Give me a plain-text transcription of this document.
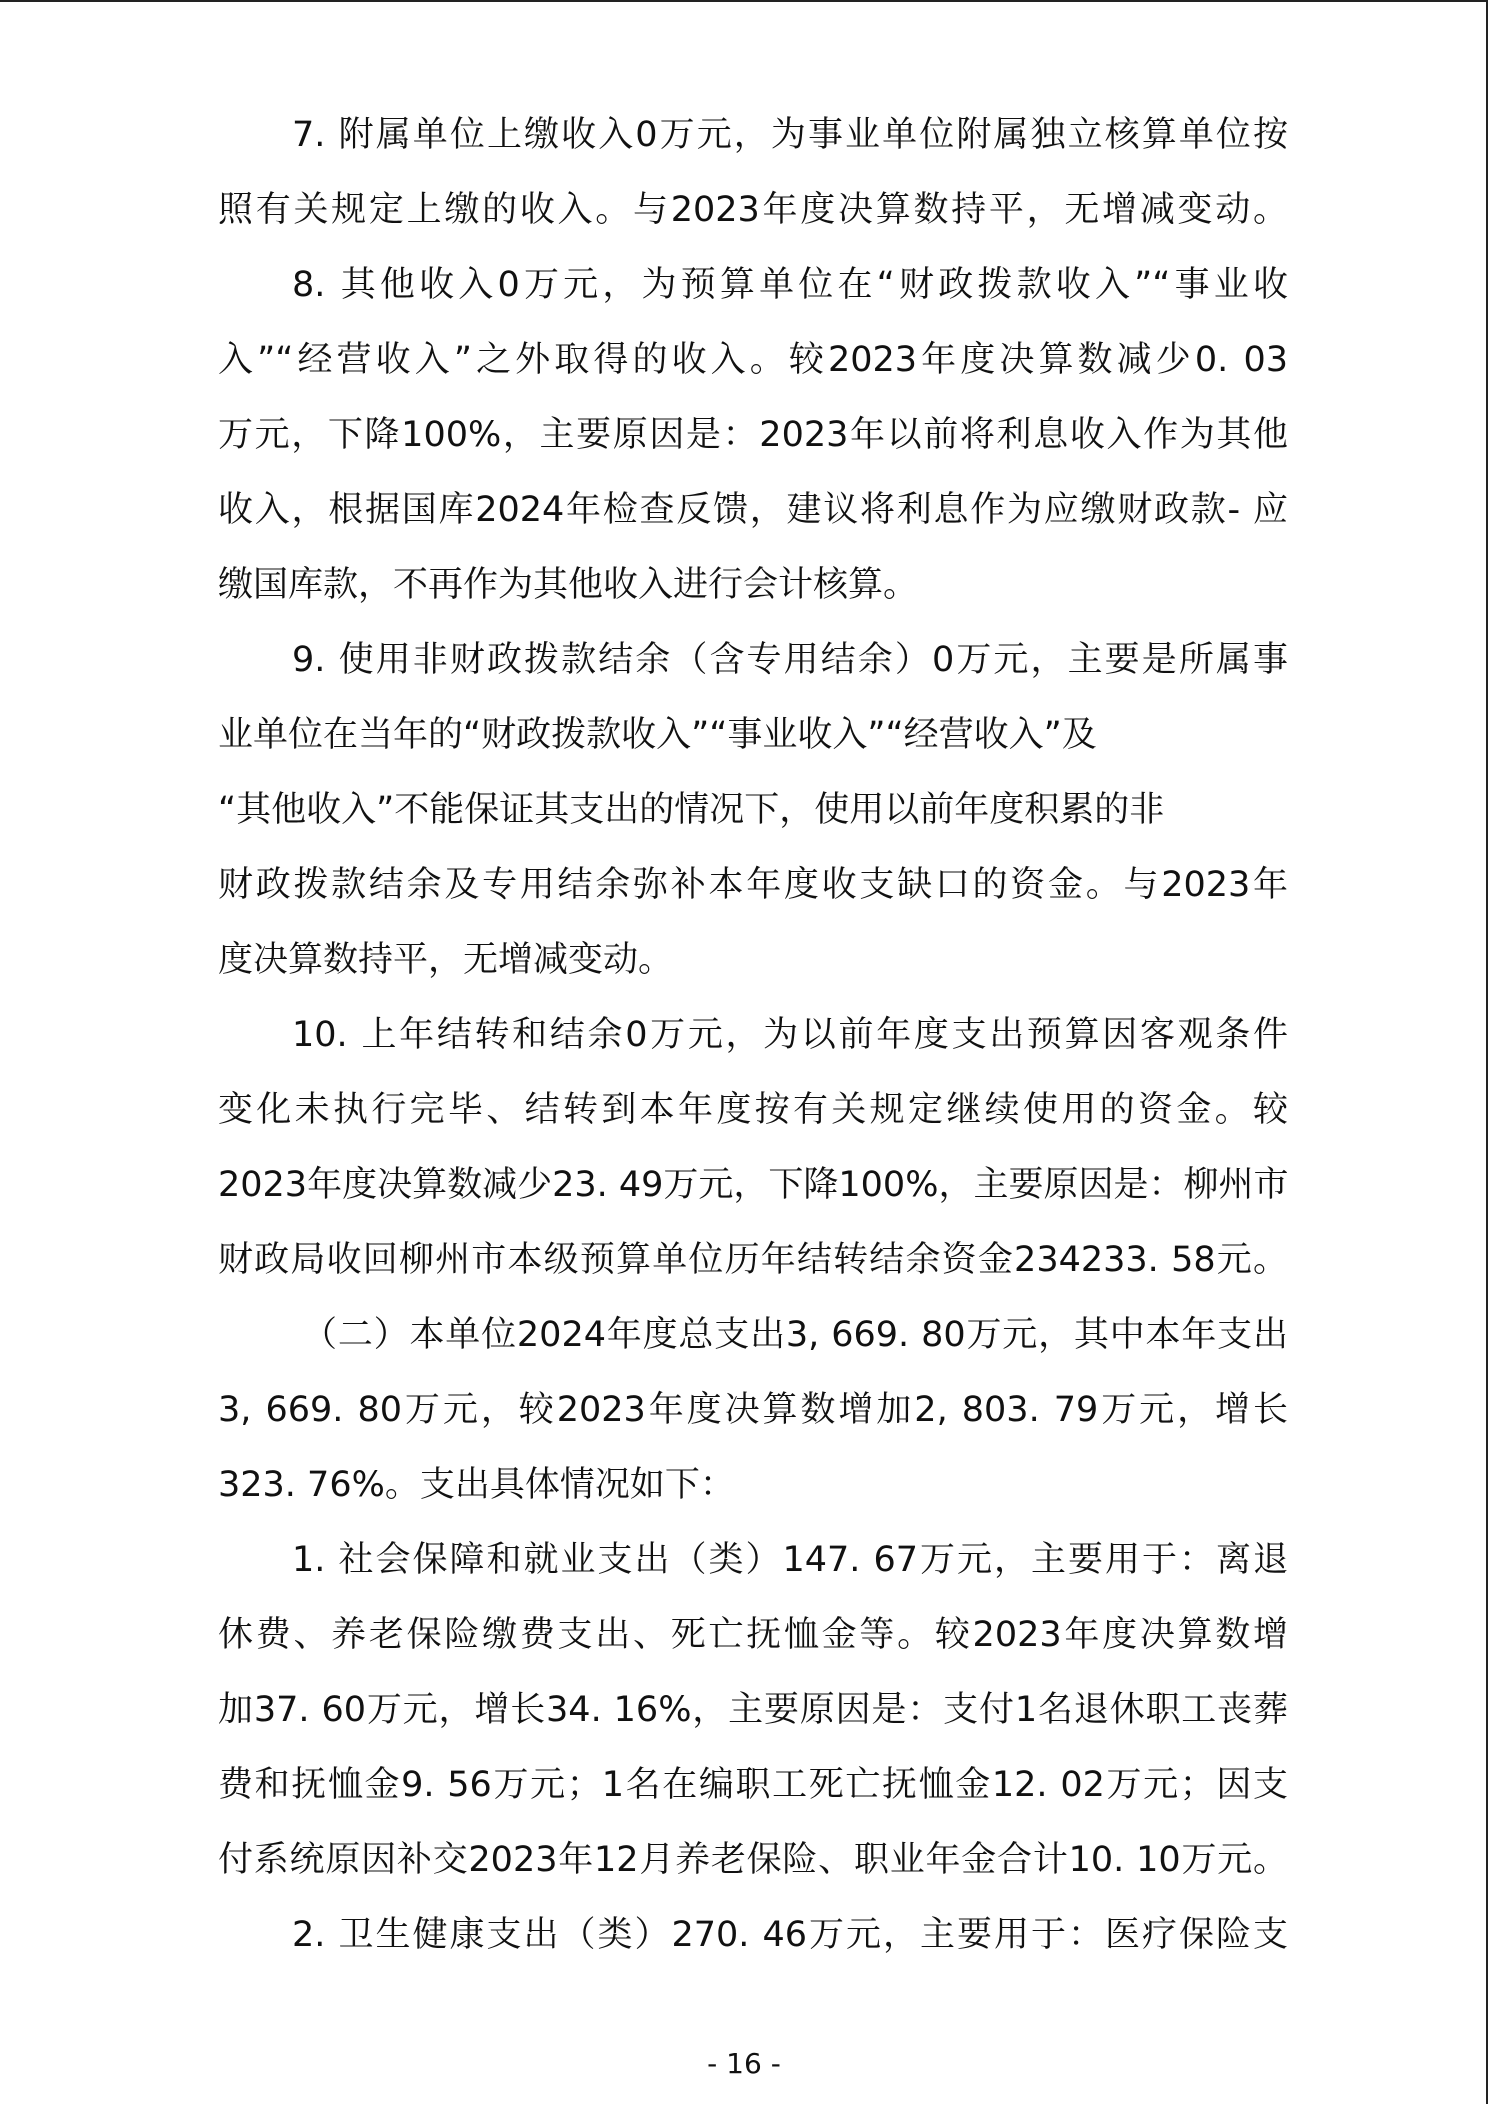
7. 附属单位上缴收入0万元，为事业单位附属独立核算单位按
照有关规定上缴的收入。与2023年度决算数持平，无增减变动。
8. 其他收入0万元，为预算单位在“财政拨款收入”“事业收
入”“经营收入”之外取得的收入。较2023年度决算数减少0. 03
万元，下降100%，主要原因是：2023年以前将利息收入作为其他
收入，根据国库2024年检查反馈，建议将利息作为应缴财政款- 应
缴国库款，不再作为其他收入进行会计核算。
9. 使用非财政拨款结余（含专用结余）0万元，主要是所属事
业单位在当年的“财政拨款收入”“事业收入”“经营收入”及
“其他收入”不能保证其支出的情况下，使用以前年度积累的非
财政拨款结余及专用结余弥补本年度收支缺口的资金。与2023年
度决算数持平，无增减变动。
10. 上年结转和结余0万元，为以前年度支出预算因客观条件
变化未执行完毕、结转到本年度按有关规定继续使用的资金。较
2023年度决算数减少23. 49万元，下降100%，主要原因是：柳州市
财政局收回柳州市本级预算单位历年结转结余资金234233. 58元。
（二）本单位2024年度总支出3, 669. 80万元，其中本年支出
3, 669. 80万元，较2023年度决算数增加2, 803. 79万元，增长
323. 76%。支出具体情况如下：
1. 社会保障和就业支出（类）147. 67万元，主要用于：离退
休费、养老保险缴费支出、死亡抚恤金等。较2023年度决算数增
加37. 60万元，增长34. 16%，主要原因是：支付1名退休职工丧葬
费和抚恤金9. 56万元；1名在编职工死亡抚恤金12. 02万元；因支
付系统原因补交2023年12月养老保险、职业年金合计10. 10万元。
2. 卫生健康支出（类）270. 46万元，主要用于：医疗保险支
- 16 -
